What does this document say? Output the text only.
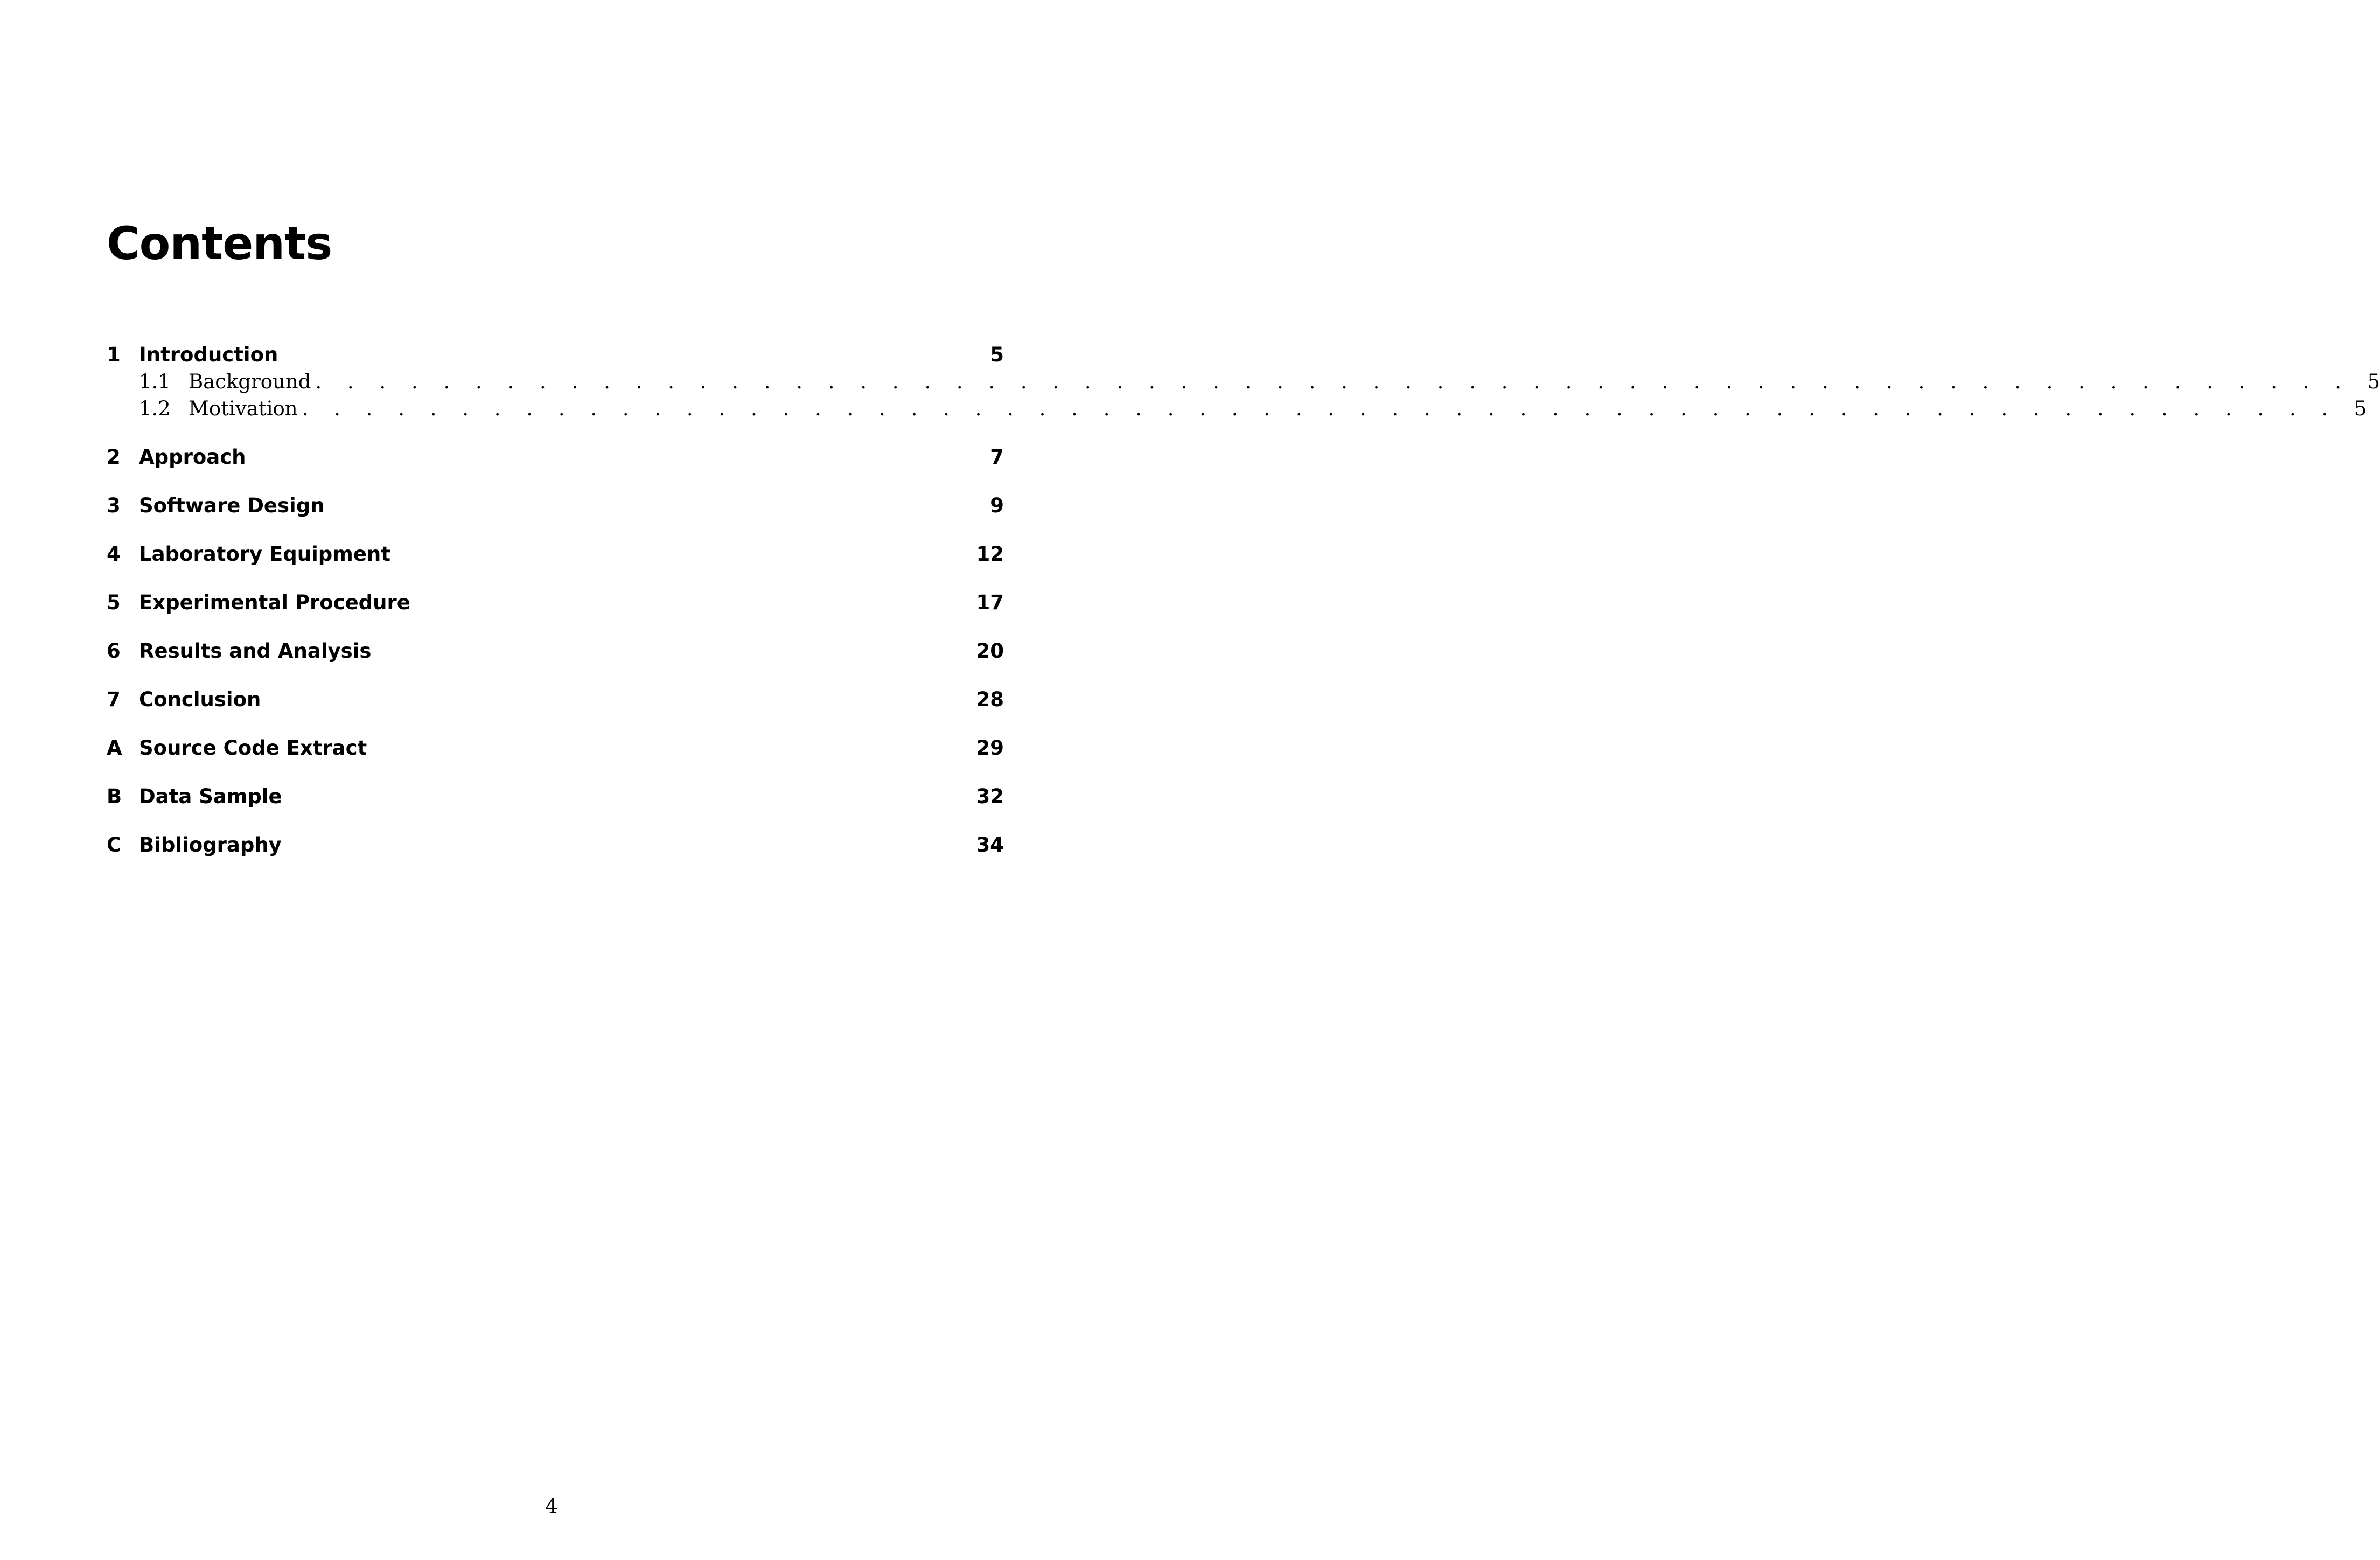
Contents
1 Introduction	5
1.1 Background . . . . . . . . . . . . . . . . . . . . . . . . . . . . . . . . . . . . . . . . . . . . . . . . . . . . . . . . . . . . . . . . 5
1.2 Motivation . . . . . . . . . . . . . . . . . . . . . . . . . . . . . . . . . . . . . . . . . . . . . . . . . . . . . . . . . . . . . . . . 5
2 Approach	7
3 Software Design	9
4 Laboratory Equipment	12
5 Experimental Procedure	17
6 Results and Analysis	20
7 Conclusion	28
A Source Code Extract	29
B Data Sample	32
C Bibliography	34
4
